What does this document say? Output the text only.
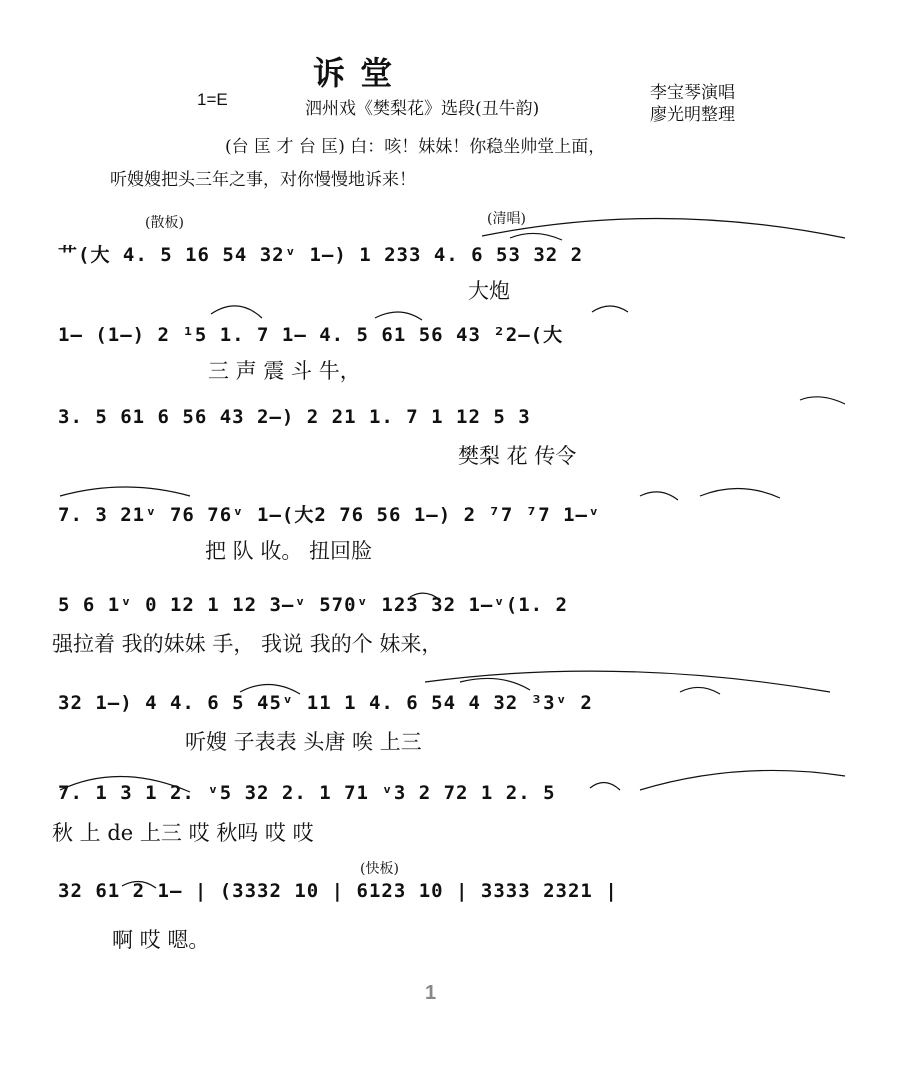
诉 堂
1=E	泗州戏《樊梨花》选段(丑牛韵)
李宝琴演唱
廖光明整理
(台 匡 才 台 匡) 白：咳！妹妹！你稳坐帅堂上面，
听嫂嫂把头三年之事，对你慢慢地诉来！
(散板)	(清唱)
(快板)
艹(大 4. 5 16 54 32ᵛ 1—) 1 233 4. 6 53 32 2
大炮
1— (1—) 2 ¹5 1. 7 1— 4. 5 61 56 43 ²2—(大
三 声 震 斗 牛，
3. 5 61 6 56 43 2—) 2 21 1. 7 1 12 5 3
樊梨 花 传令
7. 3 21ᵛ 76 76ᵛ 1—(大2 76 56 1—) 2 ⁷7 ⁷7 1—ᵛ
把 队 收。 扭回脸
5 6 1ᵛ 0 12 1 12 3—ᵛ 570ᵛ 123 32 1—ᵛ(1. 2
强拉着 我的妹妹 手， 我说 我的个 妹来，
32 1—) 4 4. 6 5 45ᵛ 11 1 4. 6 54 4 32 ³3ᵛ 2
听嫂 子表表 头唐 唉 上三
7. 1 3 1 2. ᵛ5 32 2. 1 71 ᵛ3 2 72 1 2. 5
秋 上 de 上三 哎 秋吗 哎 哎
32 61 2 1— | (3332 10 | 6123 10 | 3333 2321 |
啊 哎 嗯。
1
